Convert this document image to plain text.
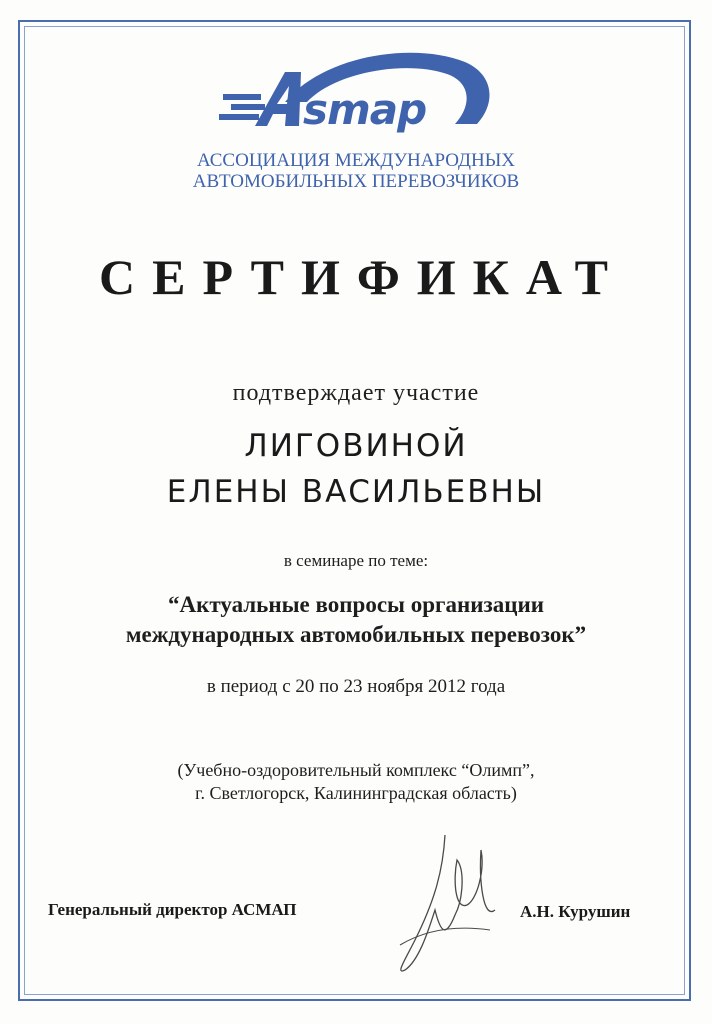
smap
АССОЦИАЦИЯ МЕЖДУНАРОДНЫХ
АВТОМОБИЛЬНЫХ ПЕРЕВОЗЧИКОВ
СЕРТИФИКАТ
подтверждает участие
ЛИГОВИНОЙ
ЕЛЕНЫ ВАСИЛЬЕВНЫ
в семинаре по теме:
“Актуальные вопросы организации
международных автомобильных перевозок”
в период с 20 по 23 ноября 2012 года
(Учебно-оздоровительный комплекс “Олимп”,
г. Светлогорск, Калининградская область)
Генеральный директор АСМАП	А.Н. Курушин
